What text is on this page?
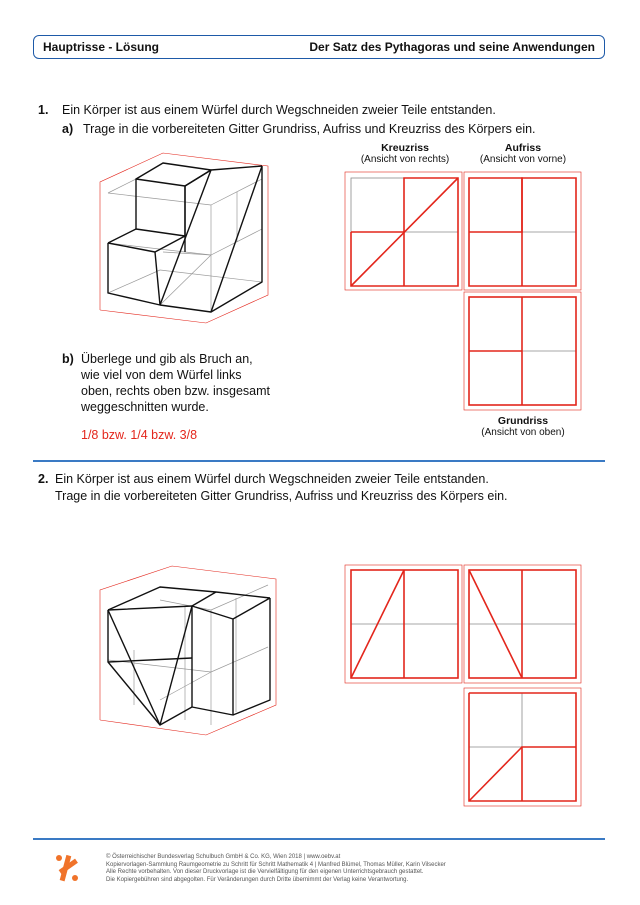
Hauptrisse - Lösung	Der Satz des Pythagoras und seine Anwendungen
1. Ein Körper ist aus einem Würfel durch Wegschneiden zweier Teile entstanden.
a) Trage in die vorbereiteten Gitter Grundriss, Aufriss und Kreuzriss des Körpers ein.
Kreuzriss
(Ansicht von rechts)
Aufriss
(Ansicht von vorne)
Grundriss
(Ansicht von oben)
b) Überlege und gib als Bruch an,
wie viel von dem Würfel links
oben, rechts oben bzw. insgesamt
weggeschnitten wurde.
1/8 bzw. 1/4 bzw. 3/8
2. Ein Körper ist aus einem Würfel durch Wegschneiden zweier Teile entstanden.
Trage in die vorbereiteten Gitter Grundriss, Aufriss und Kreuzriss des Körpers ein.
© Österreichischer Bundesverlag Schulbuch GmbH & Co. KG, Wien 2018 | www.oebv.at
Kopiervorlagen-Sammlung Raumgeometrie zu Schritt für Schritt Mathematik 4 | Manfred Blümel, Thomas Müller, Karin Vilsecker
Alle Rechte vorbehalten. Von dieser Druckvorlage ist die Vervielfältigung für den eigenen Unterrichtsgebrauch gestattet.
Die Kopiergebühren sind abgegolten. Für Veränderungen durch Dritte übernimmt der Verlag keine Verantwortung.
